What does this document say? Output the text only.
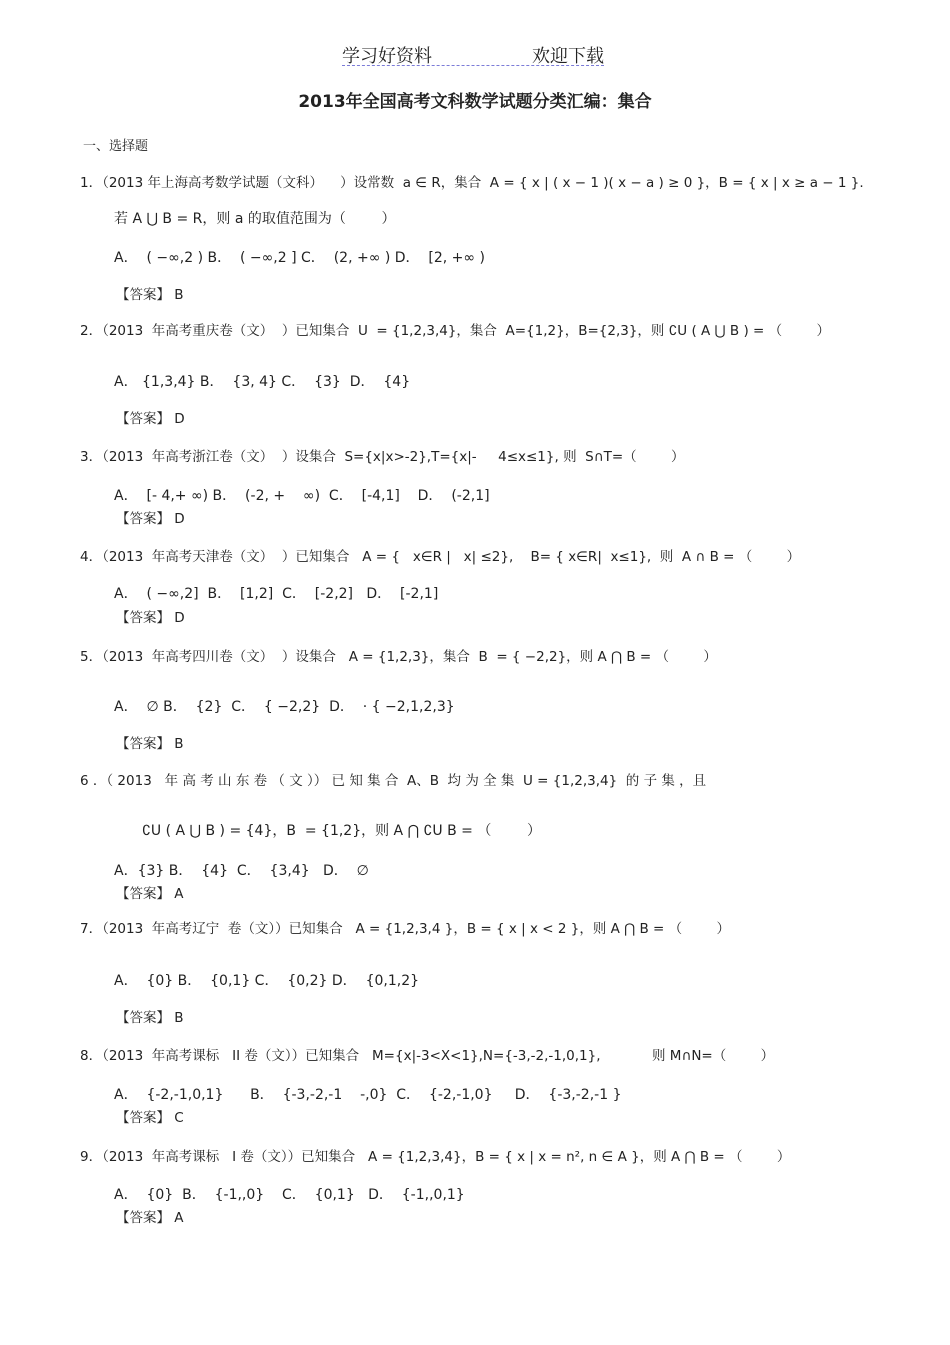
学习好资料	欢迎下载
2013年全国高考文科数学试题分类汇编：集合
一、选择题
1．（2013 年上海高考数学试题（文科）    ）设常数  a ∈ R，集合  A = { x | ( x − 1 )( x − a ) ≥ 0 }，B = { x | x ≥ a − 1 }.
若 A ⋃ B = R，则 a 的取值范围为（        ）
A．  ( −∞,2 ) B．  ( −∞,2 ] C．  (2, +∞ ) D．  [2, +∞ )
【答案】 B
2．（2013  年高考重庆卷（文）  ）已知集合  U  = {1,2,3,4}，集合  A={1,2}，B={2,3}，则 ∁U ( A ⋃ B ) = （        ）
A． {1,3,4} B．  {3, 4} C．  {3}  D．  {4}
【答案】 D
3．（2013  年高考浙江卷（文）  ）设集合  S={x|x>-2},T={x|-     4≤x≤1}, 则  S∩T=（        ）
A．  [- 4,+ ∞) B．  (-2, +    ∞)  C．  [-4,1]    D．  (-2,1]
【答案】 D
4．（2013  年高考天津卷（文）  ）已知集合   A = {   x∈R |   x| ≤2},    B= { x∈R|  x≤1},  则  A ∩ B = （        ）
A．  ( −∞,2]  B．  [1,2]  C．  [-2,2]   D．  [-2,1]
【答案】 D
5．（2013  年高考四川卷（文）  ）设集合   A = {1,2,3}，集合  B  = { −2,2}，则 A ⋂ B = （        ）
A．  ∅ B．  {2}  C．  { −2,2}  D．  · { −2,1,2,3}
【答案】 B
6 ．（ 2013   年 高 考 山 东 卷 （ 文 ）） 已 知 集 合  A、B  均 为 全 集  U = {1,2,3,4}  的 子 集 ，且
∁U ( A ⋃ B ) = {4}，B  = {1,2}，则 A ⋂ ∁U B = （        ）
A．{3} B．  {4}  C．  {3,4}   D．  ∅
【答案】 A
7．（2013  年高考辽宁  卷（文））已知集合   A = {1,2,3,4 }，B = { x | x < 2 }，则 A ⋂ B = （        ）
A．  {0} B．  {0,1} C．  {0,2} D．  {0,1,2}
【答案】 B
8．（2013  年高考课标   II 卷（文））已知集合   M={x|-3<X<1},N={-3,-2,-1,0,1},            则 M∩N=（        ）
A．  {-2,-1,0,1}      B．  {-3,-2,-1    -,0}  C．  {-2,-1,0}     D．  {-3,-2,-1 }
【答案】 C
9．（2013  年高考课标   I 卷（文））已知集合   A = {1,2,3,4}，B = { x | x = n², n ∈ A }，则 A ⋂ B = （        ）
A．  {0}  B．  {-1,,0}    C．  {0,1}   D．  {-1,,0,1}
【答案】 A
